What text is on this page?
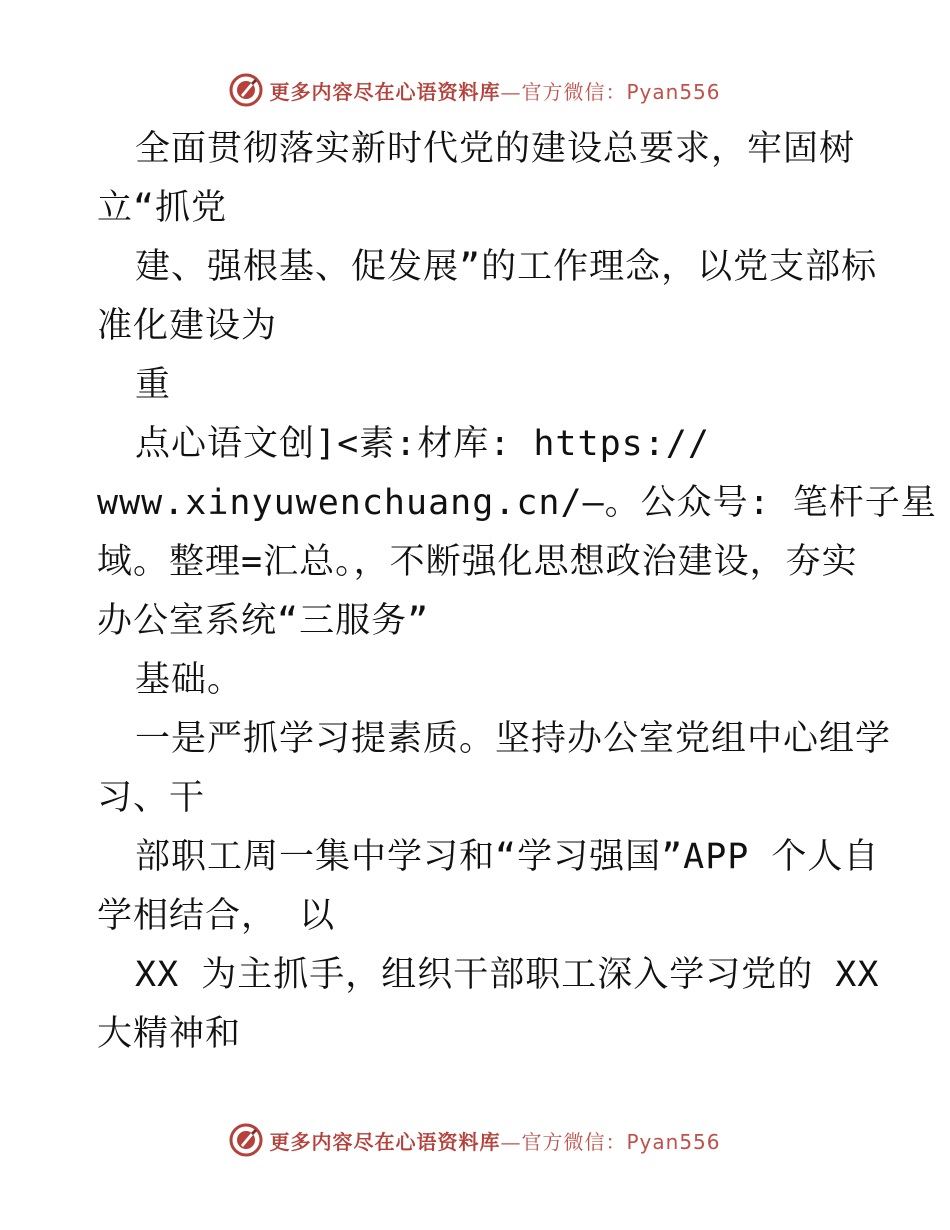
更多内容尽在心语资料库—官方微信：Pyan556
全面贯彻落实新时代党的建设总要求，牢固树
立“抓党
建、强根基、促发展”的工作理念，以党支部标
准化建设为
重
点心语文创]<素:材库: https://
www.xinyuwenchuang.cn/—。公众号: 笔杆子星
域。整理=汇总。，不断强化思想政治建设，夯实
办公室系统“三服务”
基础。
一是严抓学习提素质。坚持办公室党组中心组学
习、干
部职工周一集中学习和“学习强国”APP 个人自
学相结合， 以
XX 为主抓手，组织干部职工深入学习党的 XX
大精神和
更多内容尽在心语资料库—官方微信：Pyan556
